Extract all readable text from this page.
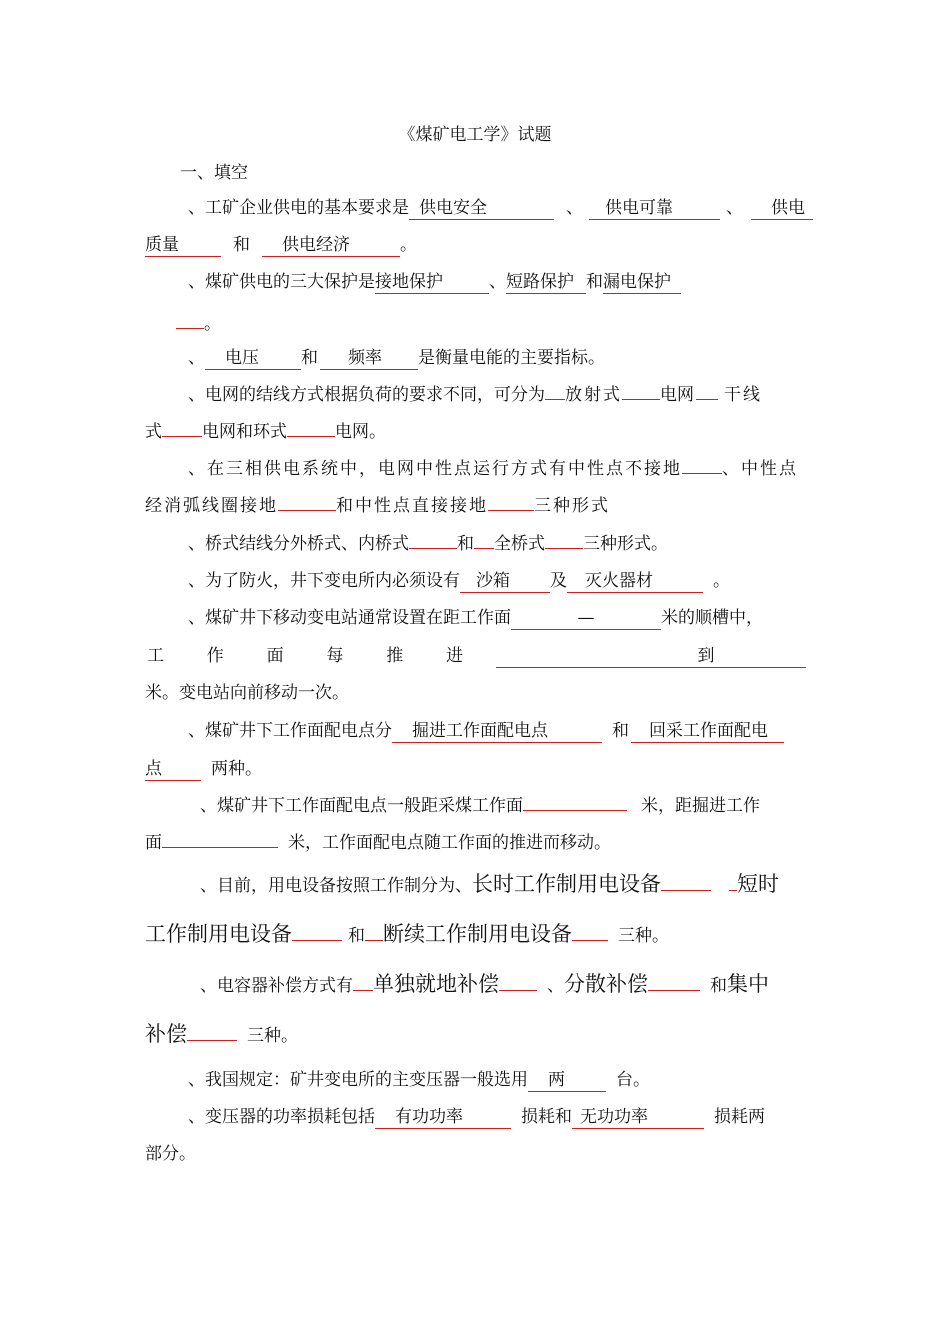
《煤矿电工学》试题
一、填空
、工矿企业供电的基本要求是 供电安全	、 供电可靠	、 供电
质量	和 供电经济	。
、煤矿供电的三大保护是接地保护	、短路保护 和漏电保护
。
、 电压 和 频率 是衡量电能的主要指标。
、电网的结线方式根据负荷的要求不同，可分为 放射式 电网 干线
式 电网和环式	电网。
、在三相供电系统中，电网中性点运行方式有中性点不接地 、中性点
经消弧线圈接地	和中性点直接接地	三种形式
、桥式结线分外桥式、内桥式	和 全桥式 三种形式。
、为了防火，井下变电所内必须设有 沙箱 及 灭火器材	。
、煤矿井下移动变电站通常设置在距工作面	—	米的顺槽中，
工	作	面	每	推	进	到
米。变电站向前移动一次。
、煤矿井下工作面配电点分 掘进工作面配电点	和 回采工作面配电
点	两种。
、煤矿井下工作面配电点一般距采煤工作面	米，距掘进工作
面	米，工作面配电点随工作面的推进而移动。
、目前，用电设备按照工作制分为、长时工作制用电设备	短时
工作制用电设备	和 断续工作制用电设备	三种。
、电容器补偿方式有 单独就地补偿	、分散补偿	和集中
补偿	三种。
、我国规定：矿井变电所的主变压器一般选用 两	台。
、变压器的功率损耗包括 有功功率	损耗和 无功功率	损耗两
部分。
